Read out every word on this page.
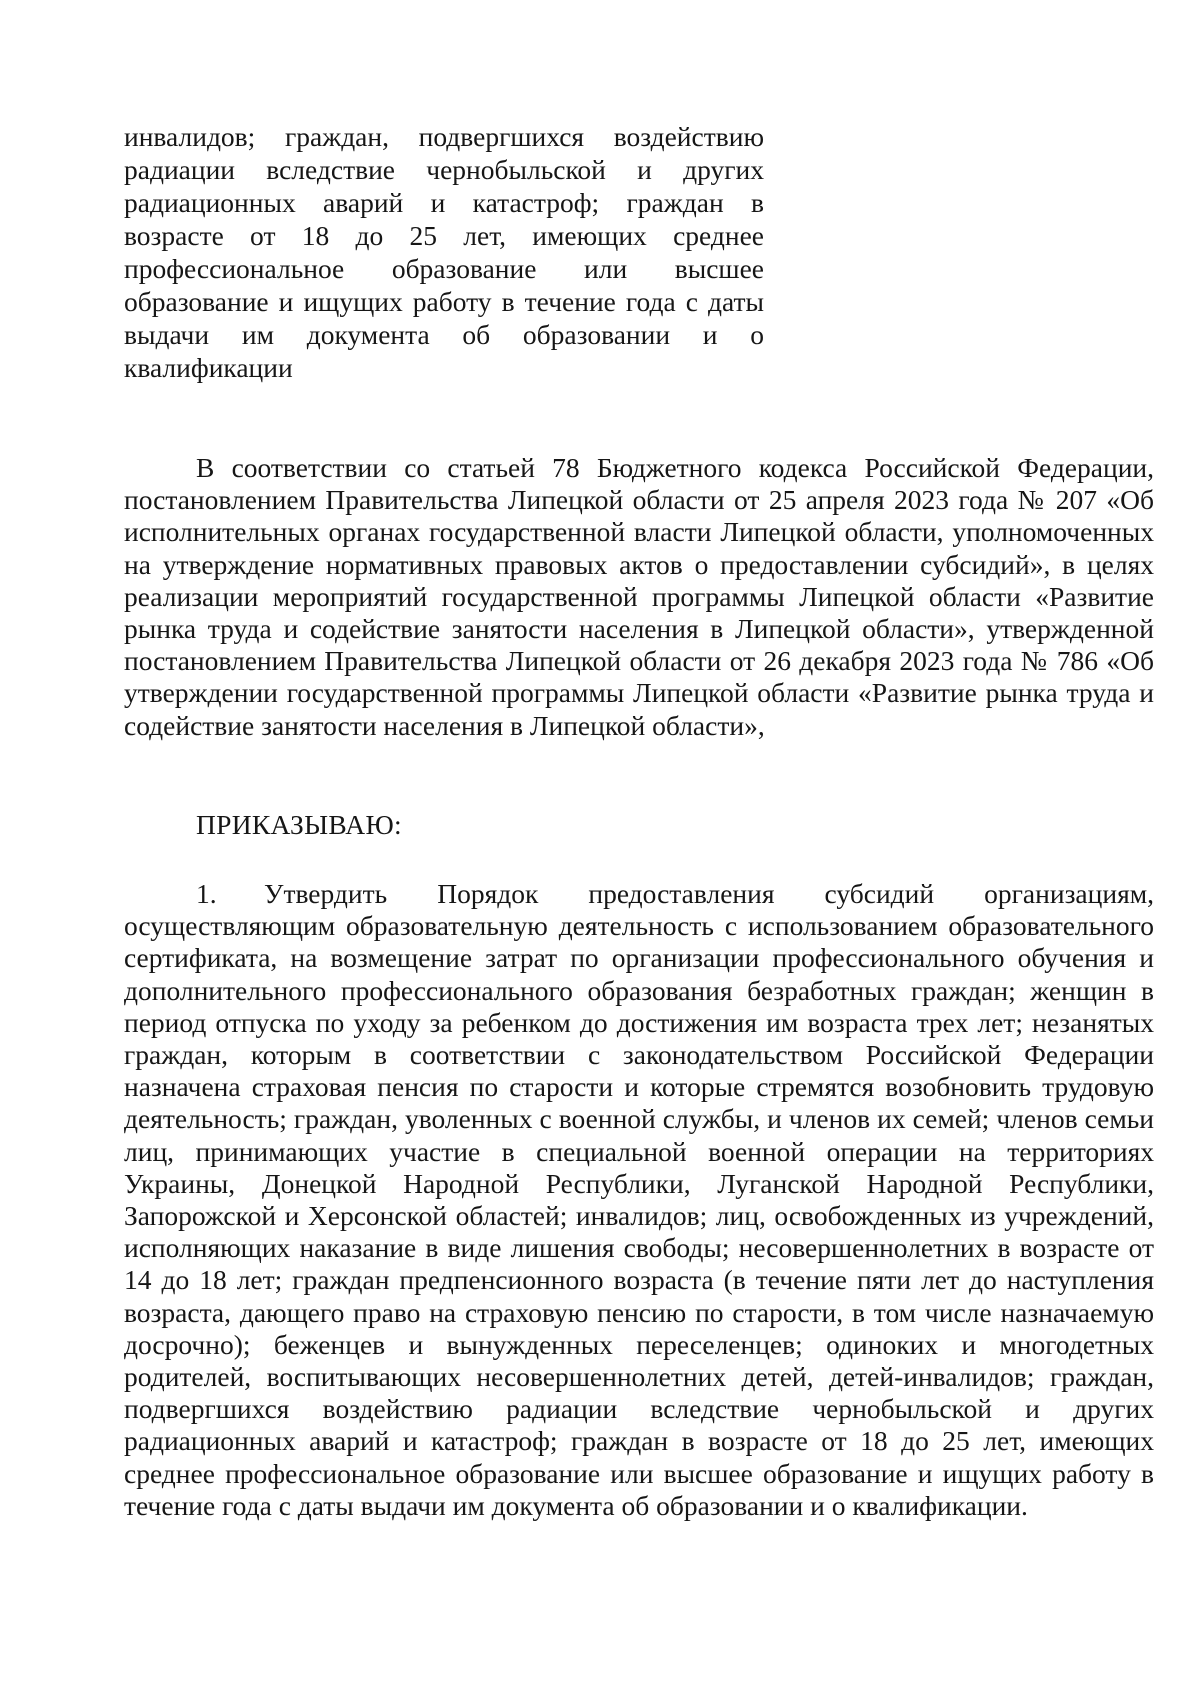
инвалидов; граждан, подвергшихся воздействию радиации вследствие чернобыльской и других радиационных аварий и катастроф; граждан в возрасте от 18 до 25 лет, имеющих среднее профессиональное образование или высшее образование и ищущих работу в течение года с даты выдачи им документа об образовании и о квалификации

В соответствии со статьей 78 Бюджетного кодекса Российской Федерации, постановлением Правительства Липецкой области от 25 апреля 2023 года № 207 «Об исполнительных органах государственной власти Липецкой области, уполномоченных на утверждение нормативных правовых актов о предоставлении субсидий», в целях реализации мероприятий государственной программы Липецкой области «Развитие рынка труда и содействие занятости населения в Липецкой области», утвержденной постановлением Правительства Липецкой области от 26 декабря 2023 года № 786 «Об утверждении государственной программы Липецкой области «Развитие рынка труда и содействие занятости населения в Липецкой области»,

ПРИКАЗЫВАЮ:

1. Утвердить Порядок предоставления субсидий организациям, осуществляющим образовательную деятельность с использованием образовательного сертификата, на возмещение затрат по организации профессионального обучения и дополнительного профессионального образования безработных граждан; женщин в период отпуска по уходу за ребенком до достижения им возраста трех лет; незанятых граждан, которым в соответствии с законодательством Российской Федерации назначена страховая пенсия по старости и которые стремятся возобновить трудовую деятельность; граждан, уволенных с военной службы, и членов их семей; членов семьи лиц, принимающих участие в специальной военной операции на территориях Украины, Донецкой Народной Республики, Луганской Народной Республики, Запорожской и Херсонской областей; инвалидов; лиц, освобожденных из учреждений, исполняющих наказание в виде лишения свободы; несовершеннолетних в возрасте от 14 до 18 лет; граждан предпенсионного возраста (в течение пяти лет до наступления возраста, дающего право на страховую пенсию по старости, в том числе назначаемую досрочно); беженцев и вынужденных переселенцев; одиноких и многодетных родителей, воспитывающих несовершеннолетних детей, детей-инвалидов; граждан, подвергшихся воздействию радиации вследствие чернобыльской и других радиационных аварий и катастроф; граждан в возрасте от 18 до 25 лет, имеющих среднее профессиональное образование или высшее образование и ищущих работу в течение года с даты выдачи им документа об образовании и о квалификации.
